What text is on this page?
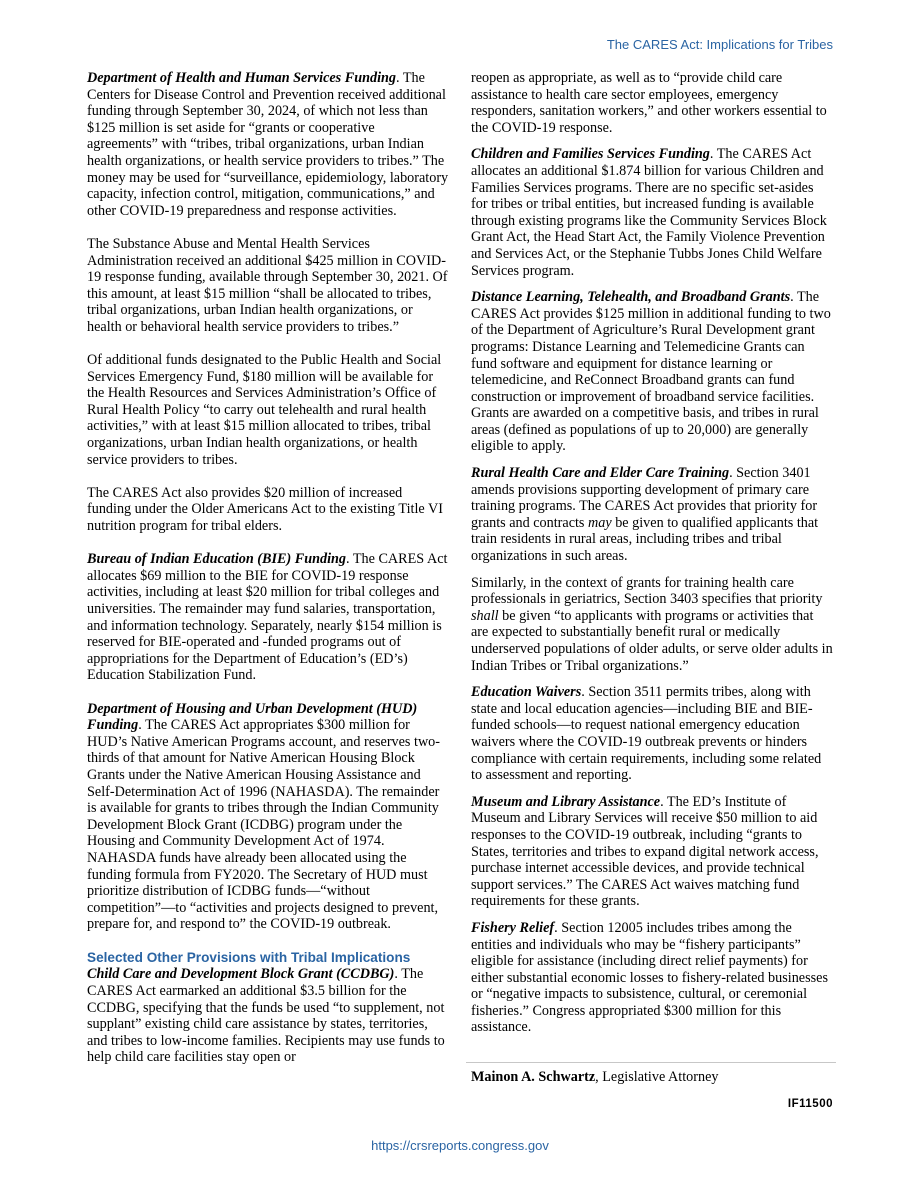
The CARES Act: Implications for Tribes

Department of Health and Human Services Funding. The Centers for Disease Control and Prevention received additional funding through September 30, 2024, of which not less than $125 million is set aside for “grants or cooperative agreements” with “tribes, tribal organizations, urban Indian health organizations, or health service providers to tribes.” The money may be used for “surveillance, epidemiology, laboratory capacity, infection control, mitigation, communications,” and other COVID-19 preparedness and response activities.

The Substance Abuse and Mental Health Services Administration received an additional $425 million in COVID-19 response funding, available through September 30, 2021. Of this amount, at least $15 million “shall be allocated to tribes, tribal organizations, urban Indian health organizations, or health or behavioral health service providers to tribes.”

Of additional funds designated to the Public Health and Social Services Emergency Fund, $180 million will be available for the Health Resources and Services Administration’s Office of Rural Health Policy “to carry out telehealth and rural health activities,” with at least $15 million allocated to tribes, tribal organizations, urban Indian health organizations, or health service providers to tribes.

The CARES Act also provides $20 million of increased funding under the Older Americans Act to the existing Title VI nutrition program for tribal elders.

Bureau of Indian Education (BIE) Funding. The CARES Act allocates $69 million to the BIE for COVID-19 response activities, including at least $20 million for tribal colleges and universities. The remainder may fund salaries, transportation, and information technology. Separately, nearly $154 million is reserved for BIE-operated and -funded programs out of appropriations for the Department of Education’s (ED’s) Education Stabilization Fund.

Department of Housing and Urban Development (HUD) Funding. The CARES Act appropriates $300 million for HUD’s Native American Programs account, and reserves two-thirds of that amount for Native American Housing Block Grants under the Native American Housing Assistance and Self-Determination Act of 1996 (NAHASDA). The remainder is available for grants to tribes through the Indian Community Development Block Grant (ICDBG) program under the Housing and Community Development Act of 1974. NAHASDA funds have already been allocated using the funding formula from FY2020. The Secretary of HUD must prioritize distribution of ICDBG funds—“without competition”—to “activities and projects designed to prevent, prepare for, and respond to” the COVID-19 outbreak.

Selected Other Provisions with Tribal Implications

Child Care and Development Block Grant (CCDBG). The CARES Act earmarked an additional $3.5 billion for the CCDBG, specifying that the funds be used “to supplement, not supplant” existing child care assistance by states, territories, and tribes to low-income families. Recipients may use funds to help child care facilities stay open or

reopen as appropriate, as well as to “provide child care assistance to health care sector employees, emergency responders, sanitation workers,” and other workers essential to the COVID-19 response.

Children and Families Services Funding. The CARES Act allocates an additional $1.874 billion for various Children and Families Services programs. There are no specific set-asides for tribes or tribal entities, but increased funding is available through existing programs like the Community Services Block Grant Act, the Head Start Act, the Family Violence Prevention and Services Act, or the Stephanie Tubbs Jones Child Welfare Services program.

Distance Learning, Telehealth, and Broadband Grants. The CARES Act provides $125 million in additional funding to two of the Department of Agriculture’s Rural Development grant programs: Distance Learning and Telemedicine Grants can fund software and equipment for distance learning or telemedicine, and ReConnect Broadband grants can fund construction or improvement of broadband service facilities. Grants are awarded on a competitive basis, and tribes in rural areas (defined as populations of up to 20,000) are generally eligible to apply.

Rural Health Care and Elder Care Training. Section 3401 amends provisions supporting development of primary care training programs. The CARES Act provides that priority for grants and contracts may be given to qualified applicants that train residents in rural areas, including tribes and tribal organizations in such areas.

Similarly, in the context of grants for training health care professionals in geriatrics, Section 3403 specifies that priority shall be given “to applicants with programs or activities that are expected to substantially benefit rural or medically underserved populations of older adults, or serve older adults in Indian Tribes or Tribal organizations.”

Education Waivers. Section 3511 permits tribes, along with state and local education agencies—including BIE and BIE-funded schools—to request national emergency education waivers where the COVID-19 outbreak prevents or hinders compliance with certain requirements, including some related to assessment and reporting.

Museum and Library Assistance. The ED’s Institute of Museum and Library Services will receive $50 million to aid responses to the COVID-19 outbreak, including “grants to States, territories and tribes to expand digital network access, purchase internet accessible devices, and provide technical support services.” The CARES Act waives matching fund requirements for these grants.

Fishery Relief. Section 12005 includes tribes among the entities and individuals who may be “fishery participants” eligible for assistance (including direct relief payments) for either substantial economic losses to fishery-related businesses or “negative impacts to subsistence, cultural, or ceremonial fisheries.” Congress appropriated $300 million for this assistance.

Mainon A. Schwartz, Legislative Attorney
IF11500
https://crsreports.congress.gov
